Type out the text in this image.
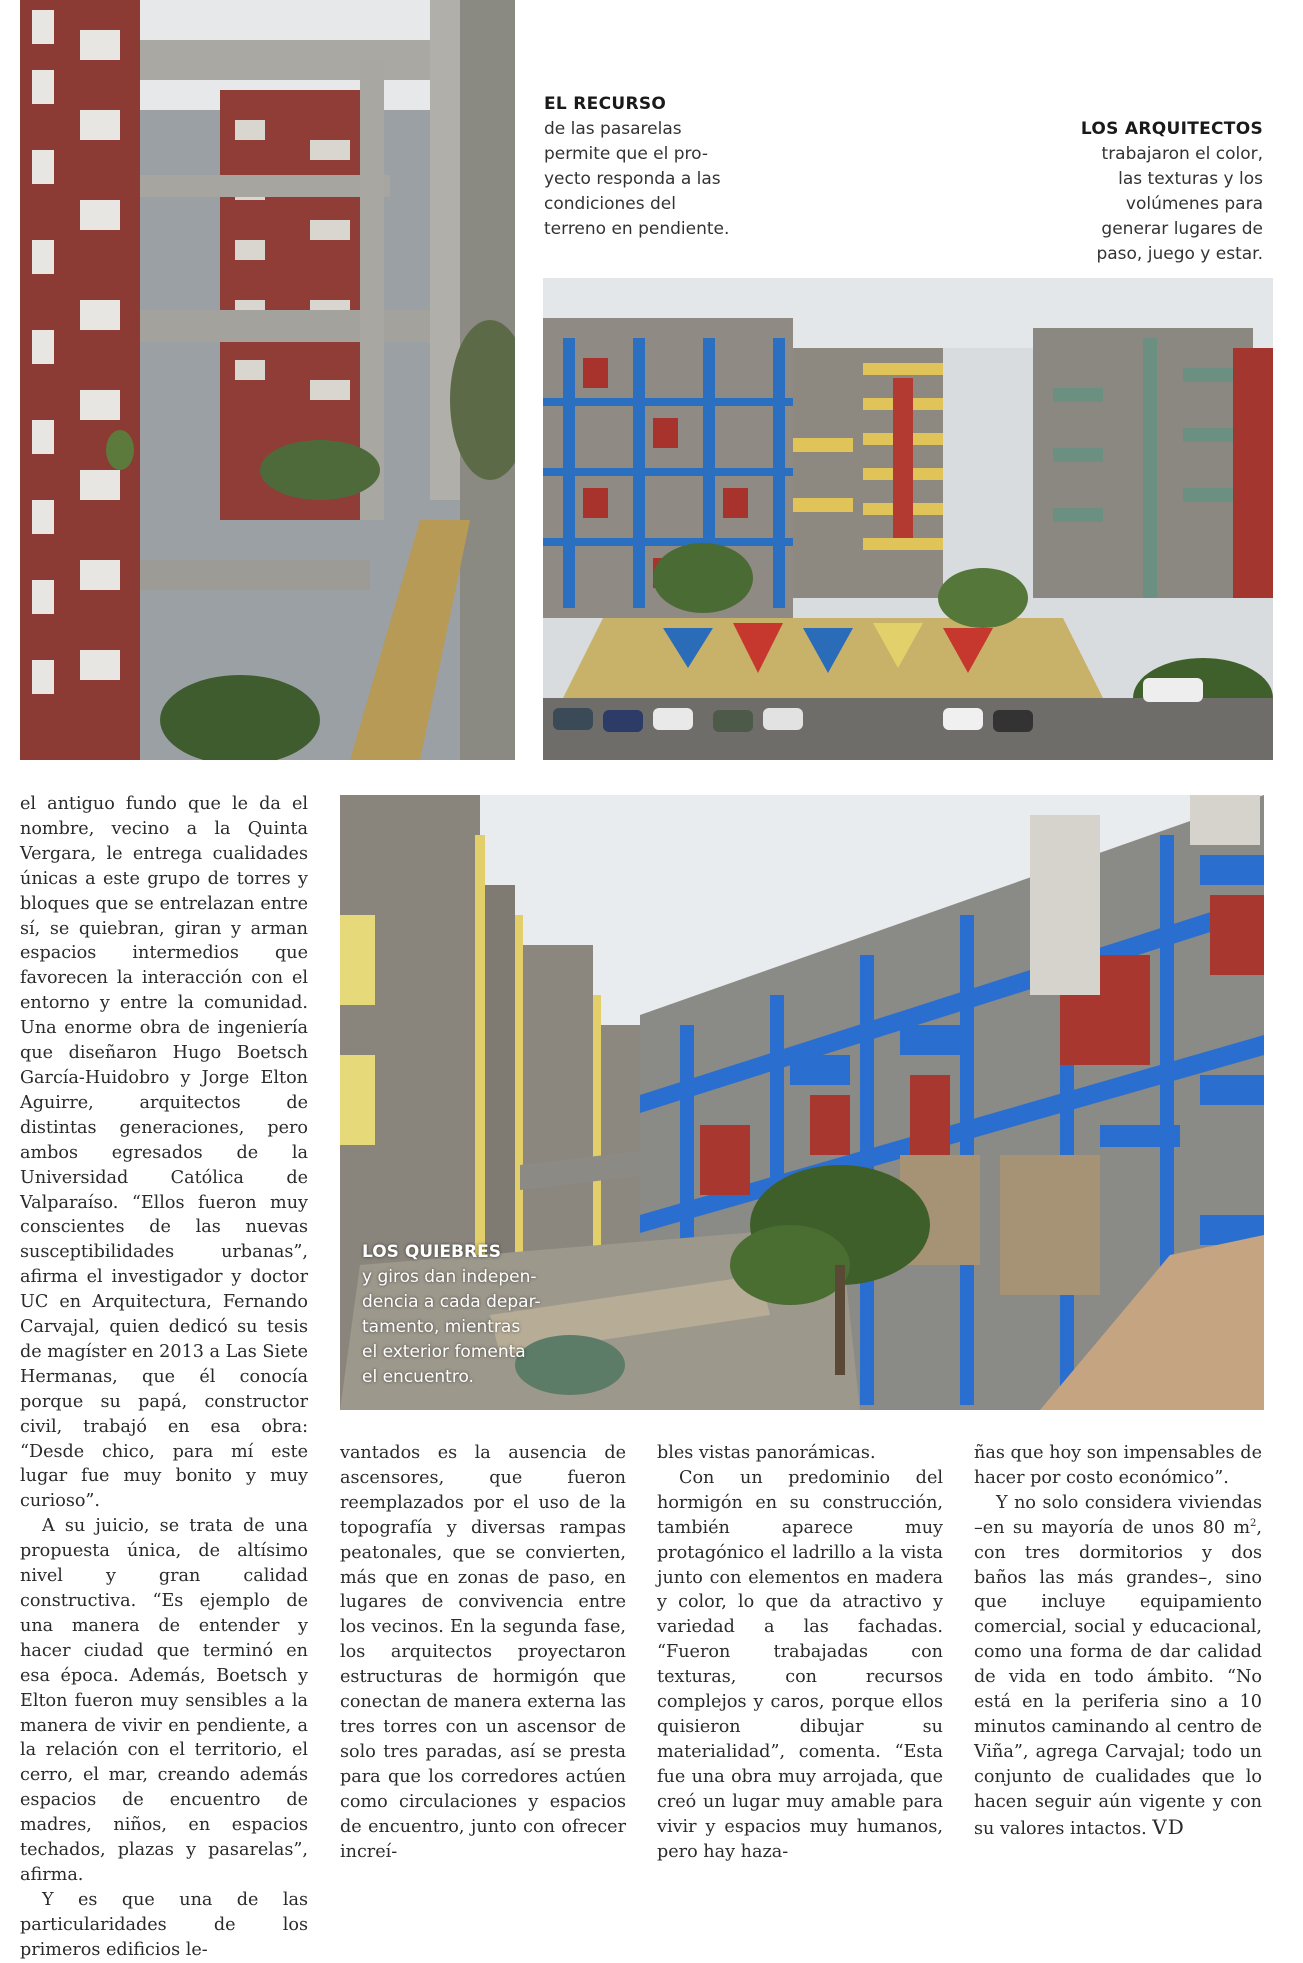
EL RECURSO
de las pasarelas
permite que el pro-
yecto responda a las
condiciones del
terreno en pendiente.
LOS ARQUITECTOS
trabajaron el color,
las texturas y los
volúmenes para
generar lugares de
paso, juego y estar.
LOS QUIEBRES
y giros dan indepen-
dencia a cada depar-
tamento, mientras
el exterior fomenta
el encuentro.

el antiguo fundo que le da el nombre, vecino a la Quinta Vergara, le entrega cualidades únicas a este grupo de torres y bloques que se entrelazan entre sí, se quiebran, giran y arman espacios intermedios que favorecen la interacción con el entorno y entre la comunidad. Una enorme obra de ingeniería que diseñaron Hugo Boetsch García-Huidobro y Jorge Elton Aguirre, arquitectos de distintas generaciones, pero ambos egresados de la Universidad Católica de Valparaíso. “Ellos fueron muy conscientes de las nuevas susceptibilidades urbanas”, afirma el investigador y doctor UC en Arquitectura, Fernando Carvajal, quien dedicó su tesis de magíster en 2013 a Las Siete Hermanas, que él conocía porque su papá, constructor civil, trabajó en esa obra: “Desde chico, para mí este lugar fue muy bonito y muy curioso”.

A su juicio, se trata de una propuesta única, de altísimo nivel y gran calidad constructiva. “Es ejemplo de una manera de entender y hacer ciudad que terminó en esa época. Además, Boetsch y Elton fueron muy sensibles a la manera de vivir en pendiente, a la relación con el territorio, el cerro, el mar, creando además espacios de encuentro de madres, niños, en espacios techados, plazas y pasarelas”, afirma.

Y es que una de las particularidades de los primeros edificios le-

vantados es la ausencia de ascensores, que fueron reemplazados por el uso de la topografía y diversas rampas peatonales, que se convierten, más que en zonas de paso, en lugares de convivencia entre los vecinos. En la segunda fase, los arquitectos proyectaron estructuras de hormigón que conectan de manera externa las tres torres con un ascensor de solo tres paradas, así se presta para que los corredores actúen como circulaciones y espacios de encuentro, junto con ofrecer increí-

bles vistas panorámicas.

Con un predominio del hormigón en su construcción, también aparece muy protagónico el ladrillo a la vista junto con elementos en madera y color, lo que da atractivo y variedad a las fachadas. “Fueron trabajadas con texturas, con recursos complejos y caros, porque ellos quisieron dibujar su materialidad”, comenta. “Esta fue una obra muy arrojada, que creó un lugar muy amable para vivir y espacios muy humanos, pero hay haza-

ñas que hoy son impensables de hacer por costo económico”.

Y no solo considera viviendas –en su mayoría de unos 80 $m^2$, con tres dormitorios y dos baños las más grandes–, sino que incluye equipamiento comercial, social y educacional, como una forma de dar calidad de vida en todo ámbito. “No está en la periferia sino a 10 minutos caminando al centro de Viña”, agrega Carvajal; todo un conjunto de cualidades que lo hacen seguir aún vigente y con su valores intactos. VD
